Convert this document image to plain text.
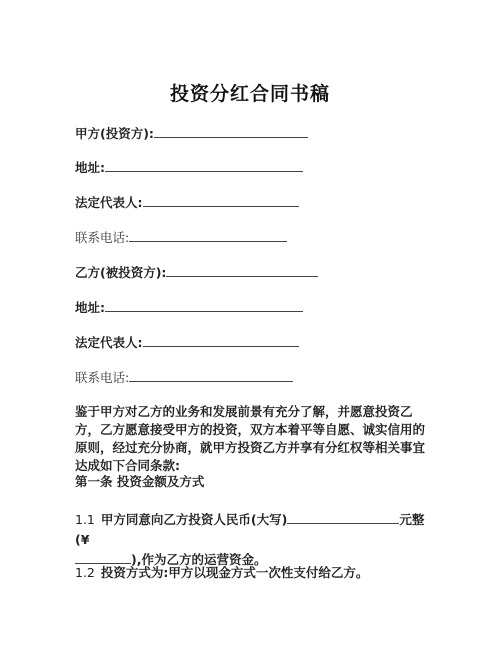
投资分红合同书稿
甲方(投资方):
地址:
法定代表人:
联系电话:
乙方(被投资方):
地址:
法定代表人:
联系电话:
鉴于甲方对乙方的业务和发展前景有充分了解，并愿意投资乙方，乙方愿意接受甲方的投资，双方本着平等自愿、诚实信用的原则，经过充分协商，就甲方投资乙方并享有分红权等相关事宜达成如下合同条款:
第一条 投资金额及方式
1.1 甲方同意向乙方投资人民币(大写)	元整(¥
),作为乙方的运营资金。
1.2 投资方式为:甲方以现金方式一次性支付给乙方。
